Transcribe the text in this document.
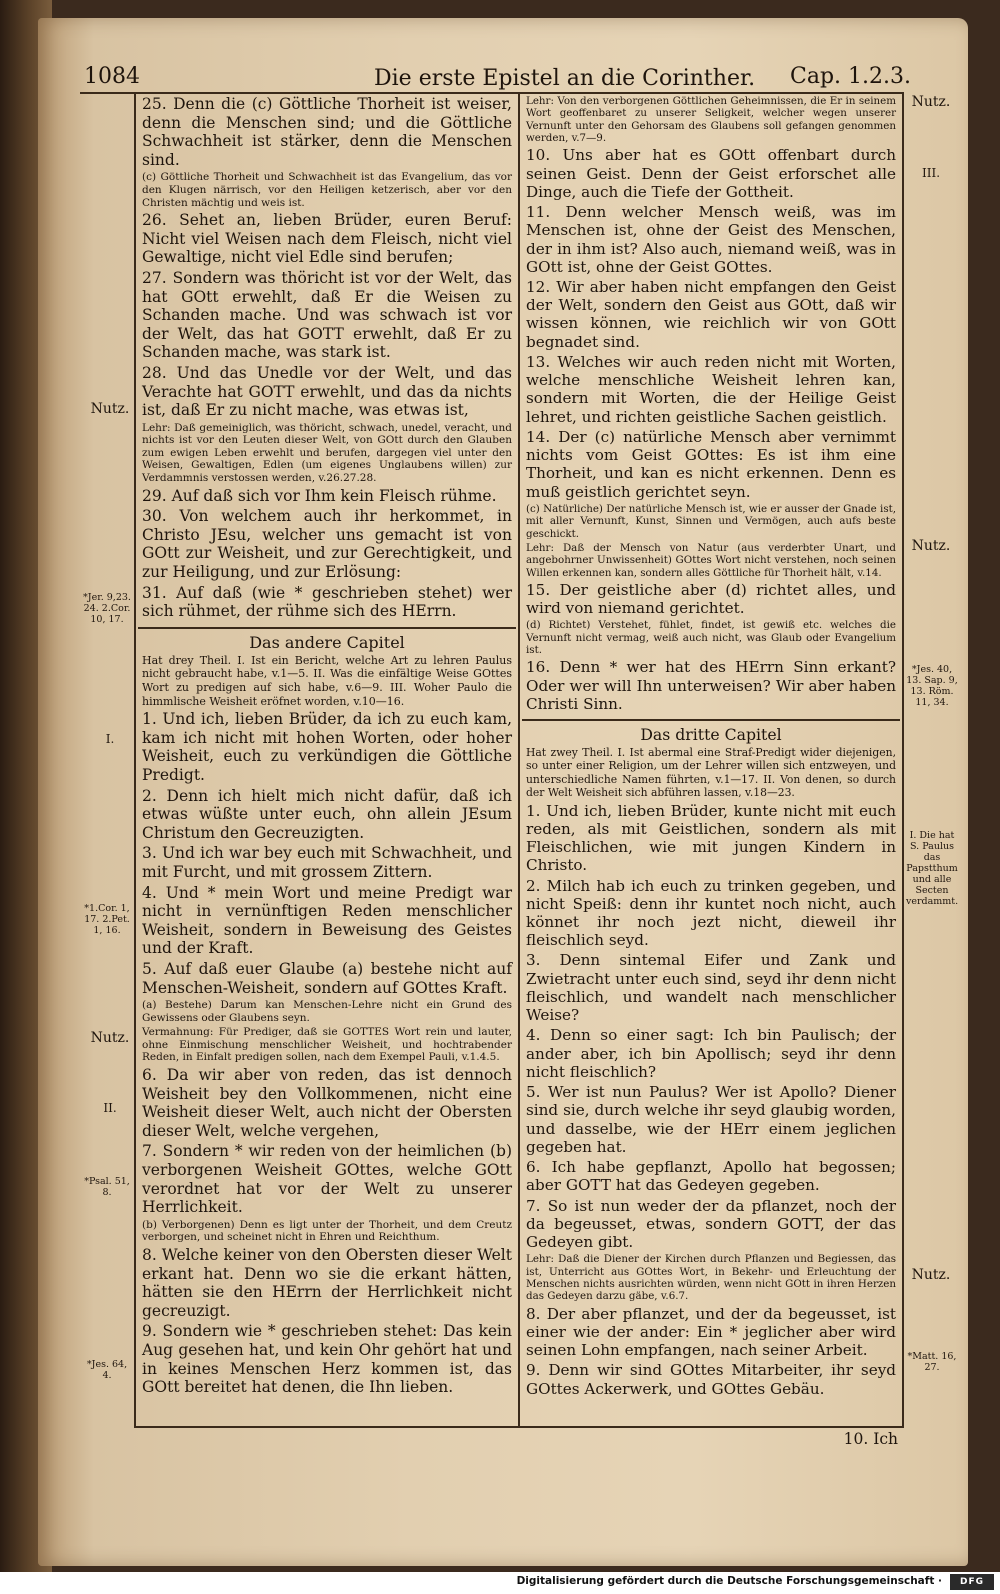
1084	Die erste Epistel an die Corinther. Cap. 1.2.3.

25. Denn die (c) Göttliche Thorheit ist weiser, denn die Menschen sind; und die Göttliche Schwachheit ist stärker, denn die Menschen sind.

(c) Göttliche Thorheit und Schwachheit ist das Evangelium, das vor den Klugen närrisch, vor den Heiligen ketzerisch, aber vor den Christen mächtig und weis ist.

26. Sehet an, lieben Brüder, euren Beruf: Nicht viel Weisen nach dem Fleisch, nicht viel Gewaltige, nicht viel Edle sind berufen;

27. Sondern was thöricht ist vor der Welt, das hat GOtt erwehlt, daß Er die Weisen zu Schanden mache. Und was schwach ist vor der Welt, das hat GOTT erwehlt, daß Er zu Schanden mache, was stark ist.

28. Und das Unedle vor der Welt, und das Verachte hat GOTT erwehlt, und das da nichts ist, daß Er zu nicht mache, was etwas ist,

Lehr: Daß gemeiniglich, was thöricht, schwach, unedel, veracht, und nichts ist vor den Leuten dieser Welt, von GOtt durch den Glauben zum ewigen Leben erwehlt und berufen, dargegen viel unter den Weisen, Gewaltigen, Edlen (um eigenes Unglaubens willen) zur Verdammnis verstossen werden, v.26.27.28.

29. Auf daß sich vor Ihm kein Fleisch rühme.

30. Von welchem auch ihr herkommet, in Christo JEsu, welcher uns gemacht ist von GOtt zur Weisheit, und zur Gerechtigkeit, und zur Heiligung, und zur Erlösung:

31. Auf daß (wie * geschrieben stehet) wer sich rühmet, der rühme sich des HErrn.

Das andere Capitel

Hat drey Theil. I. Ist ein Bericht, welche Art zu lehren Paulus nicht gebraucht habe, v.1—5. II. Was die einfältige Weise GOttes Wort zu predigen auf sich habe, v.6—9. III. Woher Paulo die himmlische Weisheit eröfnet worden, v.10—16.

1. Und ich, lieben Brüder, da ich zu euch kam, kam ich nicht mit hohen Worten, oder hoher Weisheit, euch zu verkündigen die Göttliche Predigt.

2. Denn ich hielt mich nicht dafür, daß ich etwas wüßte unter euch, ohn allein JEsum Christum den Gecreuzigten.

3. Und ich war bey euch mit Schwachheit, und mit Furcht, und mit grossem Zittern.

4. Und * mein Wort und meine Predigt war nicht in vernünftigen Reden menschlicher Weisheit, sondern in Beweisung des Geistes und der Kraft.

5. Auf daß euer Glaube (a) bestehe nicht auf Menschen-Weisheit, sondern auf GOttes Kraft.

(a) Bestehe) Darum kan Menschen-Lehre nicht ein Grund des Gewissens oder Glaubens seyn.

Vermahnung: Für Prediger, daß sie GOTTES Wort rein und lauter, ohne Einmischung menschlicher Weisheit, und hochtrabender Reden, in Einfalt predigen sollen, nach dem Exempel Pauli, v.1.4.5.

6. Da wir aber von reden, das ist dennoch Weisheit bey den Vollkommenen, nicht eine Weisheit dieser Welt, auch nicht der Obersten dieser Welt, welche vergehen,

7. Sondern * wir reden von der heimlichen (b) verborgenen Weisheit GOttes, welche GOtt verordnet hat vor der Welt zu unserer Herrlichkeit.

(b) Verborgenen) Denn es ligt unter der Thorheit, und dem Creutz verborgen, und scheinet nicht in Ehren und Reichthum.

8. Welche keiner von den Obersten dieser Welt erkant hat. Denn wo sie die erkant hätten, hätten sie den HErrn der Herrlichkeit nicht gecreuzigt.

9. Sondern wie * geschrieben stehet: Das kein Aug gesehen hat, und kein Ohr gehört hat und in keines Menschen Herz kommen ist, das GOtt bereitet hat denen, die Ihn lieben.

Lehr: Von den verborgenen Göttlichen Geheimnissen, die Er in seinem Wort geoffenbaret zu unserer Seligkeit, welcher wegen unserer Vernunft unter den Gehorsam des Glaubens soll gefangen genommen werden, v.7—9.

10. Uns aber hat es GOtt offenbart durch seinen Geist. Denn der Geist erforschet alle Dinge, auch die Tiefe der Gottheit.

11. Denn welcher Mensch weiß, was im Menschen ist, ohne der Geist des Menschen, der in ihm ist? Also auch, niemand weiß, was in GOtt ist, ohne der Geist GOttes.

12. Wir aber haben nicht empfangen den Geist der Welt, sondern den Geist aus GOtt, daß wir wissen können, wie reichlich wir von GOtt begnadet sind.

13. Welches wir auch reden nicht mit Worten, welche menschliche Weisheit lehren kan, sondern mit Worten, die der Heilige Geist lehret, und richten geistliche Sachen geistlich.

14. Der (c) natürliche Mensch aber vernimmt nichts vom Geist GOttes: Es ist ihm eine Thorheit, und kan es nicht erkennen. Denn es muß geistlich gerichtet seyn.

(c) Natürliche) Der natürliche Mensch ist, wie er ausser der Gnade ist, mit aller Vernunft, Kunst, Sinnen und Vermögen, auch aufs beste geschickt.

Lehr: Daß der Mensch von Natur (aus verderbter Unart, und angebohrner Unwissenheit) GOttes Wort nicht verstehen, noch seinen Willen erkennen kan, sondern alles Göttliche für Thorheit hält, v.14.

15. Der geistliche aber (d) richtet alles, und wird von niemand gerichtet.

(d) Richtet) Verstehet, fühlet, findet, ist gewiß etc. welches die Vernunft nicht vermag, weiß auch nicht, was Glaub oder Evangelium ist.

16. Denn * wer hat des HErrn Sinn erkant? Oder wer will Ihn unterweisen? Wir aber haben Christi Sinn.

Das dritte Capitel

Hat zwey Theil. I. Ist abermal eine Straf-Predigt wider diejenigen, so unter einer Religion, um der Lehrer willen sich entzweyen, und unterschiedliche Namen führten, v.1—17. II. Von denen, so durch der Welt Weisheit sich abführen lassen, v.18—23.

1. Und ich, lieben Brüder, kunte nicht mit euch reden, als mit Geistlichen, sondern als mit Fleischlichen, wie mit jungen Kindern in Christo.

2. Milch hab ich euch zu trinken gegeben, und nicht Speiß: denn ihr kuntet noch nicht, auch könnet ihr noch jezt nicht, dieweil ihr fleischlich seyd.

3. Denn sintemal Eifer und Zank und Zwietracht unter euch sind, seyd ihr denn nicht fleischlich, und wandelt nach menschlicher Weise?

4. Denn so einer sagt: Ich bin Paulisch; der ander aber, ich bin Apollisch; seyd ihr denn nicht fleischlich?

5. Wer ist nun Paulus? Wer ist Apollo? Diener sind sie, durch welche ihr seyd glaubig worden, und dasselbe, wie der HErr einem jeglichen gegeben hat.

6. Ich habe gepflanzt, Apollo hat begossen; aber GOTT hat das Gedeyen gegeben.

7. So ist nun weder der da pflanzet, noch der da begeusset, etwas, sondern GOTT, der das Gedeyen gibt.

Lehr: Daß die Diener der Kirchen durch Pflanzen und Begiessen, das ist, Unterricht aus GOttes Wort, in Bekehr- und Erleuchtung der Menschen nichts ausrichten würden, wenn nicht GOtt in ihren Herzen das Gedeyen darzu gäbe, v.6.7.

8. Der aber pflanzet, und der da begeusset, ist einer wie der ander: Ein * jeglicher aber wird seinen Lohn empfangen, nach seiner Arbeit.

9. Denn wir sind GOttes Mitarbeiter, ihr seyd GOttes Ackerwerk, und GOttes Gebäu.

10. Ich
Nutz.
*Jer. 9,23. 24. 2.Cor. 10, 17.
I.
*1.Cor. 1, 17. 2.Pet. 1, 16.
Nutz.
II.
*Psal. 51, 8.
*Jes. 64, 4.
Nutz.
III.
Nutz.
*Jes. 40, 13. Sap. 9, 13. Röm. 11, 34.
I. Die hat S. Paulus das Papstthum und alle Secten verdammt.
Nutz.
*Matt. 16, 27.
Digitalisierung gefördert durch die Deutsche Forschungsgemeinschaft ·	DFG
